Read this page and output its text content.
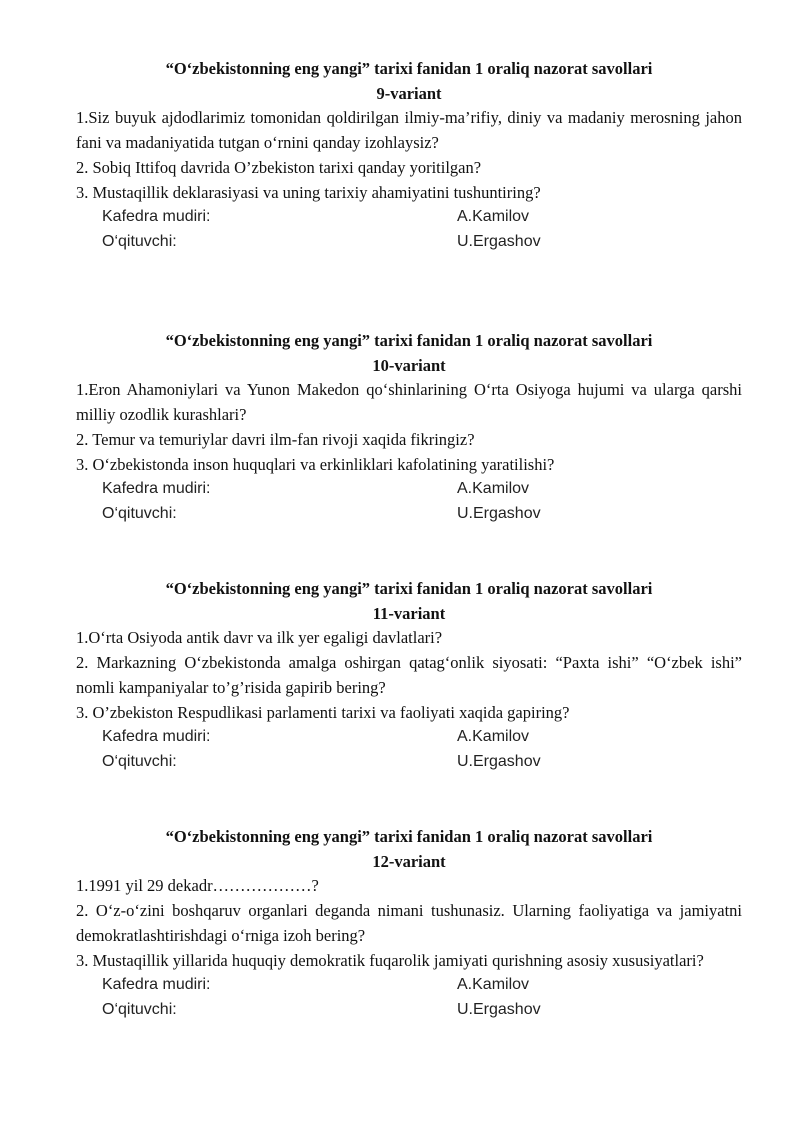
“O‘zbekistonning eng yangi” tarixi fanidan 1 oraliq nazorat savollari

9-variant

1.Siz buyuk ajdodlarimiz tomonidan qoldirilgan ilmiy-ma’rifiy, diniy va madaniy merosning jahon fani va madaniyatida tutgan o‘rnini qanday izohlaysiz?

2. Sobiq Ittifoq davrida O’zbekiston tarixi qanday yoritilgan?

3. Mustaqillik deklarasiyasi va uning tarixiy ahamiyatini tushuntiring?

Kafedra mudiri:	A.Kamilov
O‘qituvchi:	U.Ergashov

“O‘zbekistonning eng yangi” tarixi fanidan 1 oraliq nazorat savollari

10-variant

1.Eron Ahamoniylari va Yunon Makedon qo‘shinlarining O‘rta Osiyoga hujumi va ularga qarshi milliy ozodlik kurashlari?

2. Temur va temuriylar davri ilm-fan rivoji xaqida fikringiz?

3. O‘zbekistonda inson huquqlari va erkinliklari kafolatining yaratilishi?

Kafedra mudiri:	A.Kamilov
O‘qituvchi:	U.Ergashov

“O‘zbekistonning eng yangi” tarixi fanidan 1 oraliq nazorat savollari

11-variant

1.O‘rta Osiyoda antik davr va ilk yer egaligi davlatlari?

2. Markazning O‘zbekistonda amalga oshirgan qatag‘onlik siyosati: “Paxta ishi” “O‘zbek ishi” nomli kampaniyalar to’g’risida gapirib bering?

3. O’zbekiston Respudlikasi parlamenti tarixi va faoliyati xaqida gapiring?

Kafedra mudiri:	A.Kamilov
O‘qituvchi:	U.Ergashov

“O‘zbekistonning eng yangi” tarixi fanidan 1 oraliq nazorat savollari

12-variant

1.1991 yil 29 dekadr………………?

2. O‘z-o‘zini boshqaruv organlari deganda nimani tushunasiz. Ularning faoliyatiga va jamiyatni demokratlashtirishdagi o‘rniga izoh bering?

3. Mustaqillik yillarida huquqiy demokratik fuqarolik jamiyati qurishning asosiy xususiyatlari?

Kafedra mudiri:	A.Kamilov
O‘qituvchi:	U.Ergashov
